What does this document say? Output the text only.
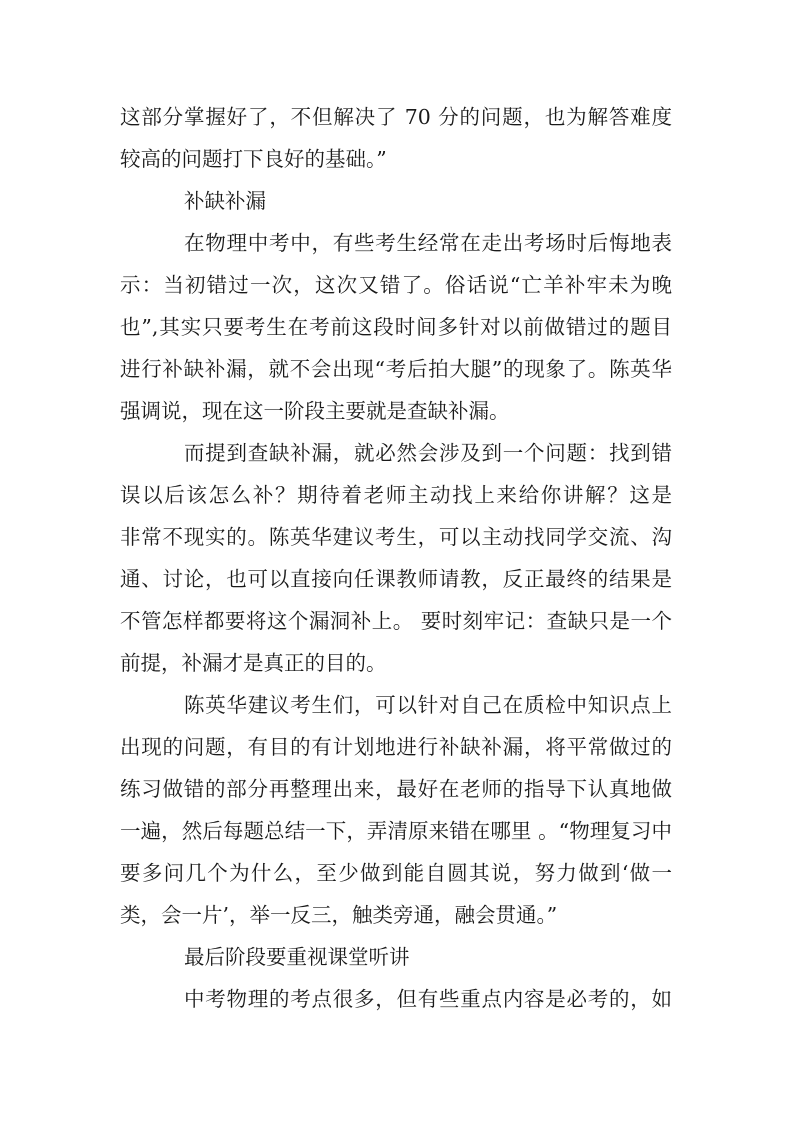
这部分掌握好了，不但解决了 70 分的问题，也为解答难度
较高的问题打下良好的基础。”
补缺补漏
在物理中考中，有些考生经常在走出考场时后悔地表
示：当初错过一次，这次又错了。俗话说“亡羊补牢未为晚
也”,其实只要考生在考前这段时间多针对以前做错过的题目
进行补缺补漏，就不会出现“考后拍大腿”的现象了。陈英华
强调说，现在这一阶段主要就是查缺补漏。
而提到查缺补漏，就必然会涉及到一个问题：找到错
误以后该怎么补？期待着老师主动找上来给你讲解？这是
非常不现实的。陈英华建议考生，可以主动找同学交流、沟
通、讨论，也可以直接向任课教师请教，反正最终的结果是
不管怎样都要将这个漏洞补上。 要时刻牢记：查缺只是一个
前提，补漏才是真正的目的。
陈英华建议考生们，可以针对自己在质检中知识点上
出现的问题，有目的有计划地进行补缺补漏，将平常做过的
练习做错的部分再整理出来，最好在老师的指导下认真地做
一遍，然后每题总结一下，弄清原来错在哪里 。“物理复习中
要多问几个为什么，至少做到能自圆其说，努力做到‘做一
类，会一片’，举一反三，触类旁通，融会贯通。”
最后阶段要重视课堂听讲
中考物理的考点很多，但有些重点内容是必考的，如
